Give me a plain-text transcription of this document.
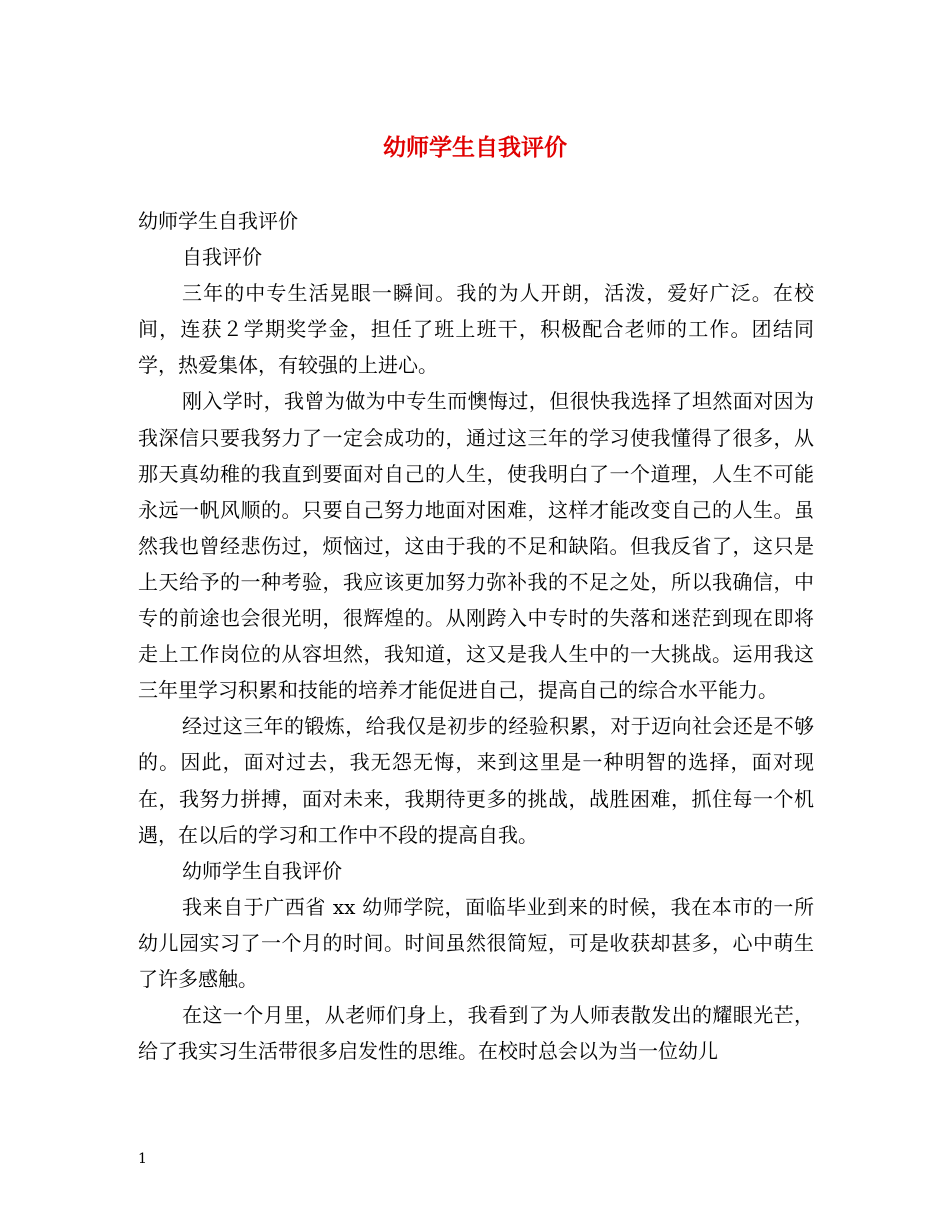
幼师学生自我评价

幼师学生自我评价

自我评价

三年的中专生活晃眼一瞬间。我的为人开朗，活泼，爱好广泛。在校间，连获２学期奖学金，担任了班上班干，积极配合老师的工作。团结同学，热爱集体，有较强的上进心。

刚入学时，我曾为做为中专生而懊悔过，但很快我选择了坦然面对因为我深信只要我努力了一定会成功的，通过这三年的学习使我懂得了很多，从那天真幼稚的我直到要面对自己的人生，使我明白了一个道理，人生不可能永远一帆风顺的。只要自己努力地面对困难，这样才能改变自己的人生。虽然我也曾经悲伤过，烦恼过，这由于我的不足和缺陷。但我反省了，这只是上天给予的一种考验，我应该更加努力弥补我的不足之处，所以我确信，中专的前途也会很光明，很辉煌的。从刚跨入中专时的失落和迷茫到现在即将走上工作岗位的从容坦然，我知道，这又是我人生中的一大挑战。运用我这三年里学习积累和技能的培养才能促进自己，提高自己的综合水平能力。

经过这三年的锻炼，给我仅是初步的经验积累，对于迈向社会还是不够的。因此，面对过去，我无怨无悔，来到这里是一种明智的选择，面对现在，我努力拼搏，面对未来，我期待更多的挑战，战胜困难，抓住每一个机遇，在以后的学习和工作中不段的提高自我。

幼师学生自我评价

我来自于广西省 xx 幼师学院，面临毕业到来的时候，我在本市的一所幼儿园实习了一个月的时间。时间虽然很简短，可是收获却甚多，心中萌生了许多感触。

在这一个月里，从老师们身上，我看到了为人师表散发出的耀眼光芒，给了我实习生活带很多启发性的思维。在校时总会以为当一位幼儿

1
